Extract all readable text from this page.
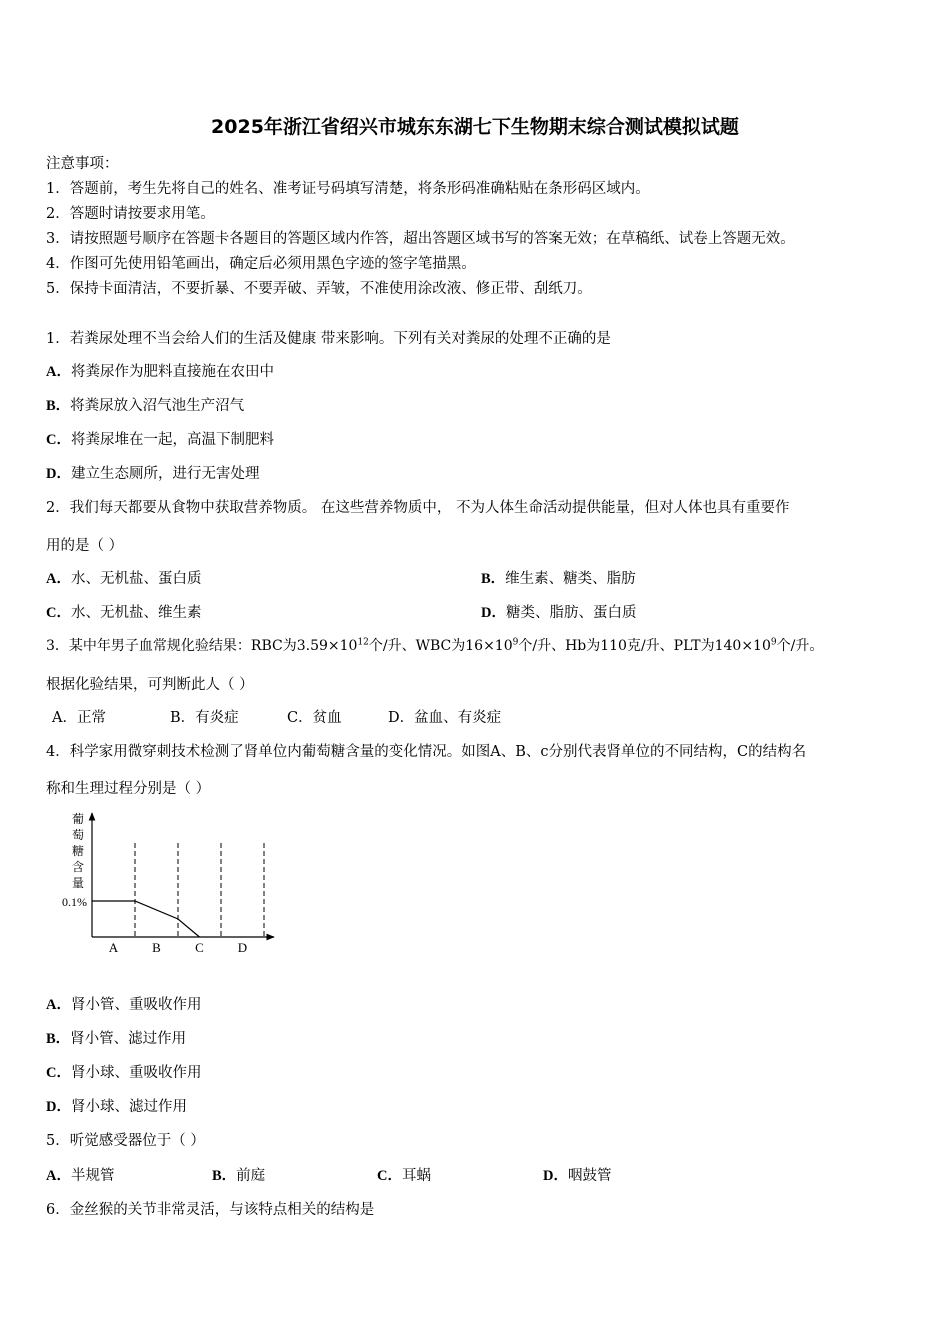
2025年浙江省绍兴市城东东湖七下生物期末综合测试模拟试题
注意事项：
1．答题前，考生先将自己的姓名、准考证号码填写清楚，将条形码准确粘贴在条形码区域内。
2．答题时请按要求用笔。
3．请按照题号顺序在答题卡各题目的答题区域内作答，超出答题区域书写的答案无效；在草稿纸、试卷上答题无效。
4．作图可先使用铅笔画出，确定后必须用黑色字迹的签字笔描黑。
5．保持卡面清洁，不要折暴、不要弄破、弄皱，不准使用涂改液、修正带、刮纸刀。
1．若粪尿处理不当会给人们的生活及健康 带来影响。下列有关对粪尿的处理不正确的是
A．将粪尿作为肥料直接施在农田中
B．将粪尿放入沼气池生产沼气
C．将粪尿堆在一起，高温下制肥料
D．建立生态厕所，进行无害处理
2．我们每天都要从食物中获取营养物质。 在这些营养物质中， 不为人体生命活动提供能量，但对人体也具有重要作
用的是（ ）
A．水、无机盐、蛋白质	B．维生素、糖类、脂肪
C．水、无机盐、维生素	D．糖类、脂肪、蛋白质
3．某中年男子血常规化验结果：RBC为$3.59\times 10^{12}$个/升、WBC为$16\times 10^9$个/升、Hb为110克/升、PLT为$140\times 10^9$个/升。
根据化验结果，可判断此人（ ）
A．正常	B．有炎症	C．贫血	D．盆血、有炎症
4．科学家用微穿刺技术检测了肾单位内葡萄糖含量的变化情况。如图A、B、c分别代表肾单位的不同结构，C的结构名
称和生理过程分别是（ ）
葡
萄
糖
含
量
0.1%
A	B	C	D
A．肾小管、重吸收作用
B．肾小管、滤过作用
C．肾小球、重吸收作用
D．肾小球、滤过作用
5．听觉感受器位于（ ）
A．半规管	B．前庭	C．耳蜗	D．咽鼓管
6．金丝猴的关节非常灵活，与该特点相关的结构是
